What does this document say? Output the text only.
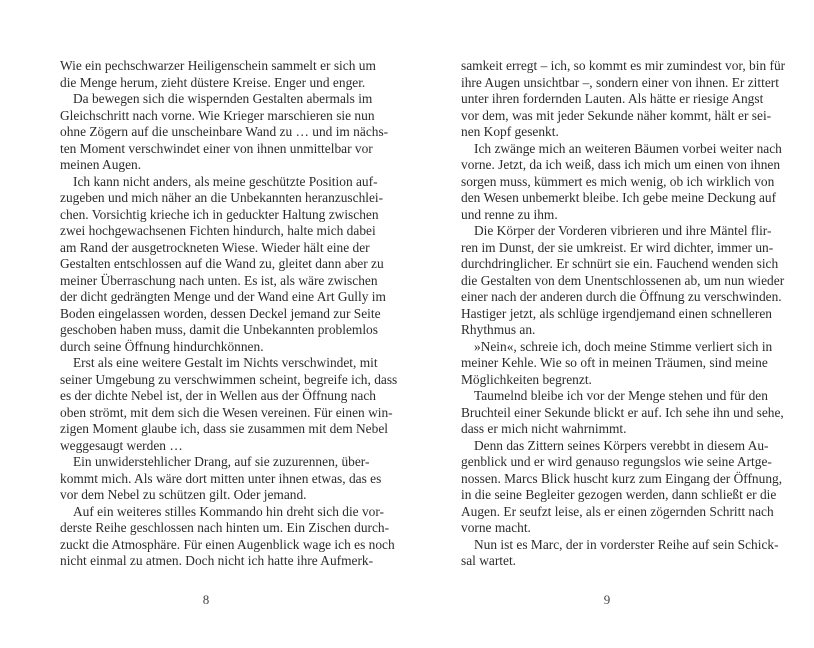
Wie ein pechschwarzer Heiligenschein sammelt er sich um
die Menge herum, zieht düstere Kreise. Enger und enger.
Da bewegen sich die wispernden Gestalten abermals im
Gleichschritt nach vorne. Wie Krieger marschieren sie nun
ohne Zögern auf die unscheinbare Wand zu … und im nächs-
ten Moment verschwindet einer von ihnen unmittelbar vor
meinen Augen.
Ich kann nicht anders, als meine geschützte Position auf-
zugeben und mich näher an die Unbekannten heranzuschlei-
chen. Vorsichtig krieche ich in geduckter Haltung zwischen
zwei hochgewachsenen Fichten hindurch, halte mich dabei
am Rand der ausgetrockneten Wiese. Wieder hält eine der
Gestalten entschlossen auf die Wand zu, gleitet dann aber zu
meiner Überraschung nach unten. Es ist, als wäre zwischen
der dicht gedrängten Menge und der Wand eine Art Gully im
Boden eingelassen worden, dessen Deckel jemand zur Seite
geschoben haben muss, damit die Unbekannten problemlos
durch seine Öffnung hindurchkönnen.
Erst als eine weitere Gestalt im Nichts verschwindet, mit
seiner Umgebung zu verschwimmen scheint, begreife ich, dass
es der dichte Nebel ist, der in Wellen aus der Öffnung nach
oben strömt, mit dem sich die Wesen vereinen. Für einen win-
zigen Moment glaube ich, dass sie zusammen mit dem Nebel
weggesaugt werden …
Ein unwiderstehlicher Drang, auf sie zuzurennen, über-
kommt mich. Als wäre dort mitten unter ihnen etwas, das es
vor dem Nebel zu schützen gilt. Oder jemand.
Auf ein weiteres stilles Kommando hin dreht sich die vor-
derste Reihe geschlossen nach hinten um. Ein Zischen durch-
zuckt die Atmosphäre. Für einen Augenblick wage ich es noch
nicht einmal zu atmen. Doch nicht ich hatte ihre Aufmerk-
8
samkeit erregt – ich, so kommt es mir zumindest vor, bin für
ihre Augen unsichtbar –, sondern einer von ihnen. Er zittert
unter ihren fordernden Lauten. Als hätte er riesige Angst
vor dem, was mit jeder Sekunde näher kommt, hält er sei-
nen Kopf gesenkt.
Ich zwänge mich an weiteren Bäumen vorbei weiter nach
vorne. Jetzt, da ich weiß, dass ich mich um einen von ihnen
sorgen muss, kümmert es mich wenig, ob ich wirklich von
den Wesen unbemerkt bleibe. Ich gebe meine Deckung auf
und renne zu ihm.
Die Körper der Vorderen vibrieren und ihre Mäntel flir-
ren im Dunst, der sie umkreist. Er wird dichter, immer un-
durchdringlicher. Er schnürt sie ein. Fauchend wenden sich
die Gestalten von dem Unentschlossenen ab, um nun wieder
einer nach der anderen durch die Öffnung zu verschwinden.
Hastiger jetzt, als schlüge irgendjemand einen schnelleren
Rhythmus an.
»Nein«, schreie ich, doch meine Stimme verliert sich in
meiner Kehle. Wie so oft in meinen Träumen, sind meine
Möglichkeiten begrenzt.
Taumelnd bleibe ich vor der Menge stehen und für den
Bruchteil einer Sekunde blickt er auf. Ich sehe ihn und sehe,
dass er mich nicht wahrnimmt.
Denn das Zittern seines Körpers verebbt in diesem Au-
genblick und er wird genauso regungslos wie seine Artge-
nossen. Marcs Blick huscht kurz zum Eingang der Öffnung,
in die seine Begleiter gezogen werden, dann schließt er die
Augen. Er seufzt leise, als er einen zögernden Schritt nach
vorne macht.
Nun ist es Marc, der in vorderster Reihe auf sein Schick-
sal wartet.
9
